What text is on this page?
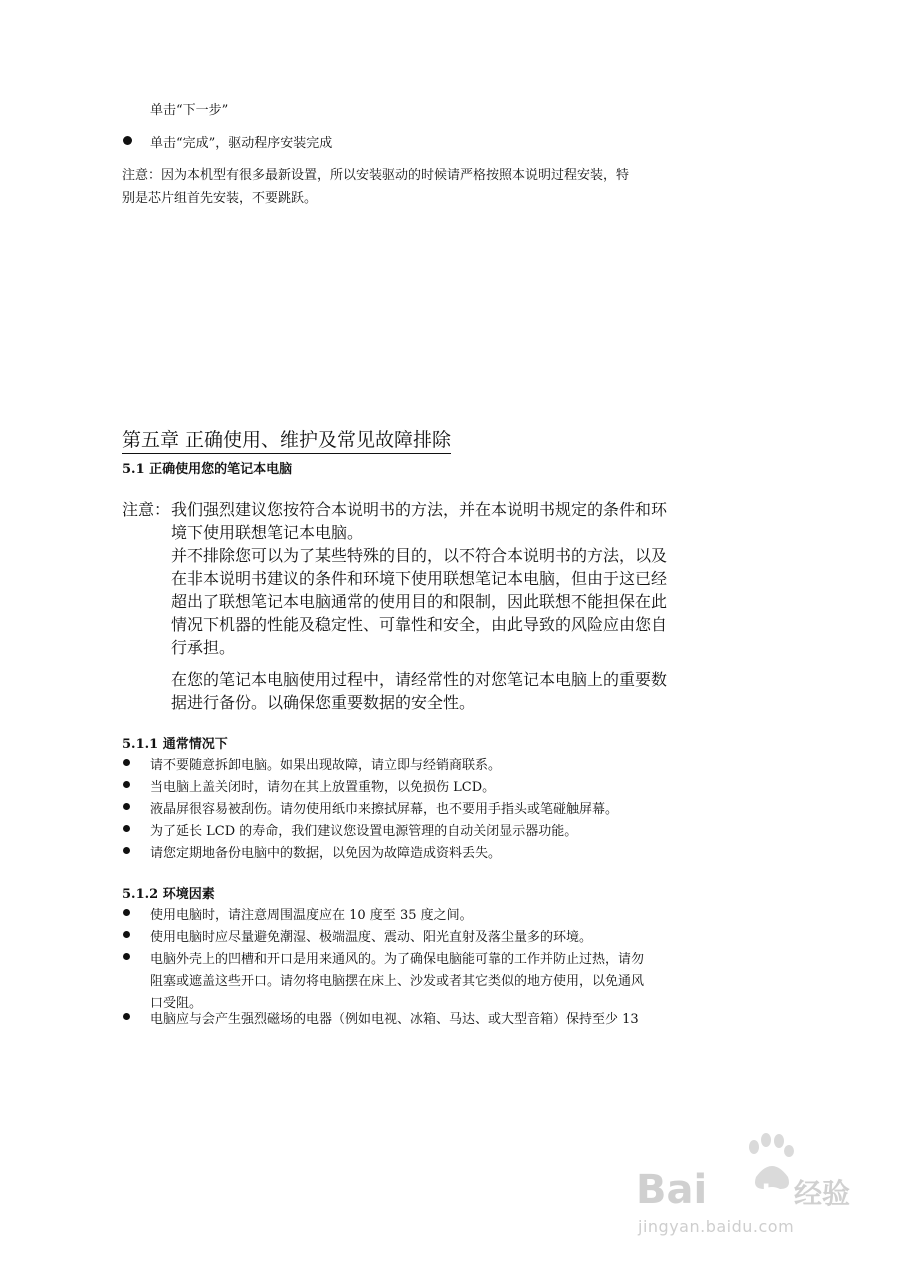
单击“下一步”
单击“完成”，驱动程序安装完成
注意：因为本机型有很多最新设置，所以安装驱动的时候请严格按照本说明过程安装，特
别是芯片组首先安装，不要跳跃。
第五章 正确使用、维护及常见故障排除
5.1 正确使用您的笔记本电脑
注意： 我们强烈建议您按符合本说明书的方法，并在本说明书规定的条件和环
境下使用联想笔记本电脑。
并不排除您可以为了某些特殊的目的，以不符合本说明书的方法，以及
在非本说明书建议的条件和环境下使用联想笔记本电脑，但由于这已经
超出了联想笔记本电脑通常的使用目的和限制，因此联想不能担保在此
情况下机器的性能及稳定性、可靠性和安全，由此导致的风险应由您自
行承担。
在您的笔记本电脑使用过程中，请经常性的对您笔记本电脑上的重要数
据进行备份。以确保您重要数据的安全性。
5.1.1 通常情况下
请不要随意拆卸电脑。如果出现故障，请立即与经销商联系。
当电脑上盖关闭时，请勿在其上放置重物，以免损伤 LCD。
液晶屏很容易被刮伤。请勿使用纸巾来擦拭屏幕，也不要用手指头或笔碰触屏幕。
为了延长 LCD 的寿命，我们建议您设置电源管理的自动关闭显示器功能。
请您定期地备份电脑中的数据，以免因为故障造成资料丢失。
5.1.2 环境因素
使用电脑时，请注意周围温度应在 10 度至 35 度之间。
使用电脑时应尽量避免潮湿、极端温度、震动、阳光直射及落尘量多的环境。
电脑外壳上的凹槽和开口是用来通风的。为了确保电脑能可靠的工作并防止过热，请勿
阻塞或遮盖这些开口。请勿将电脑摆在床上、沙发或者其它类似的地方使用，以免通风
口受阻。
电脑应与会产生强烈磁场的电器（例如电视、冰箱、马达、或大型音箱）保持至少 13
Bai du 经验
jingyan.baidu.com
